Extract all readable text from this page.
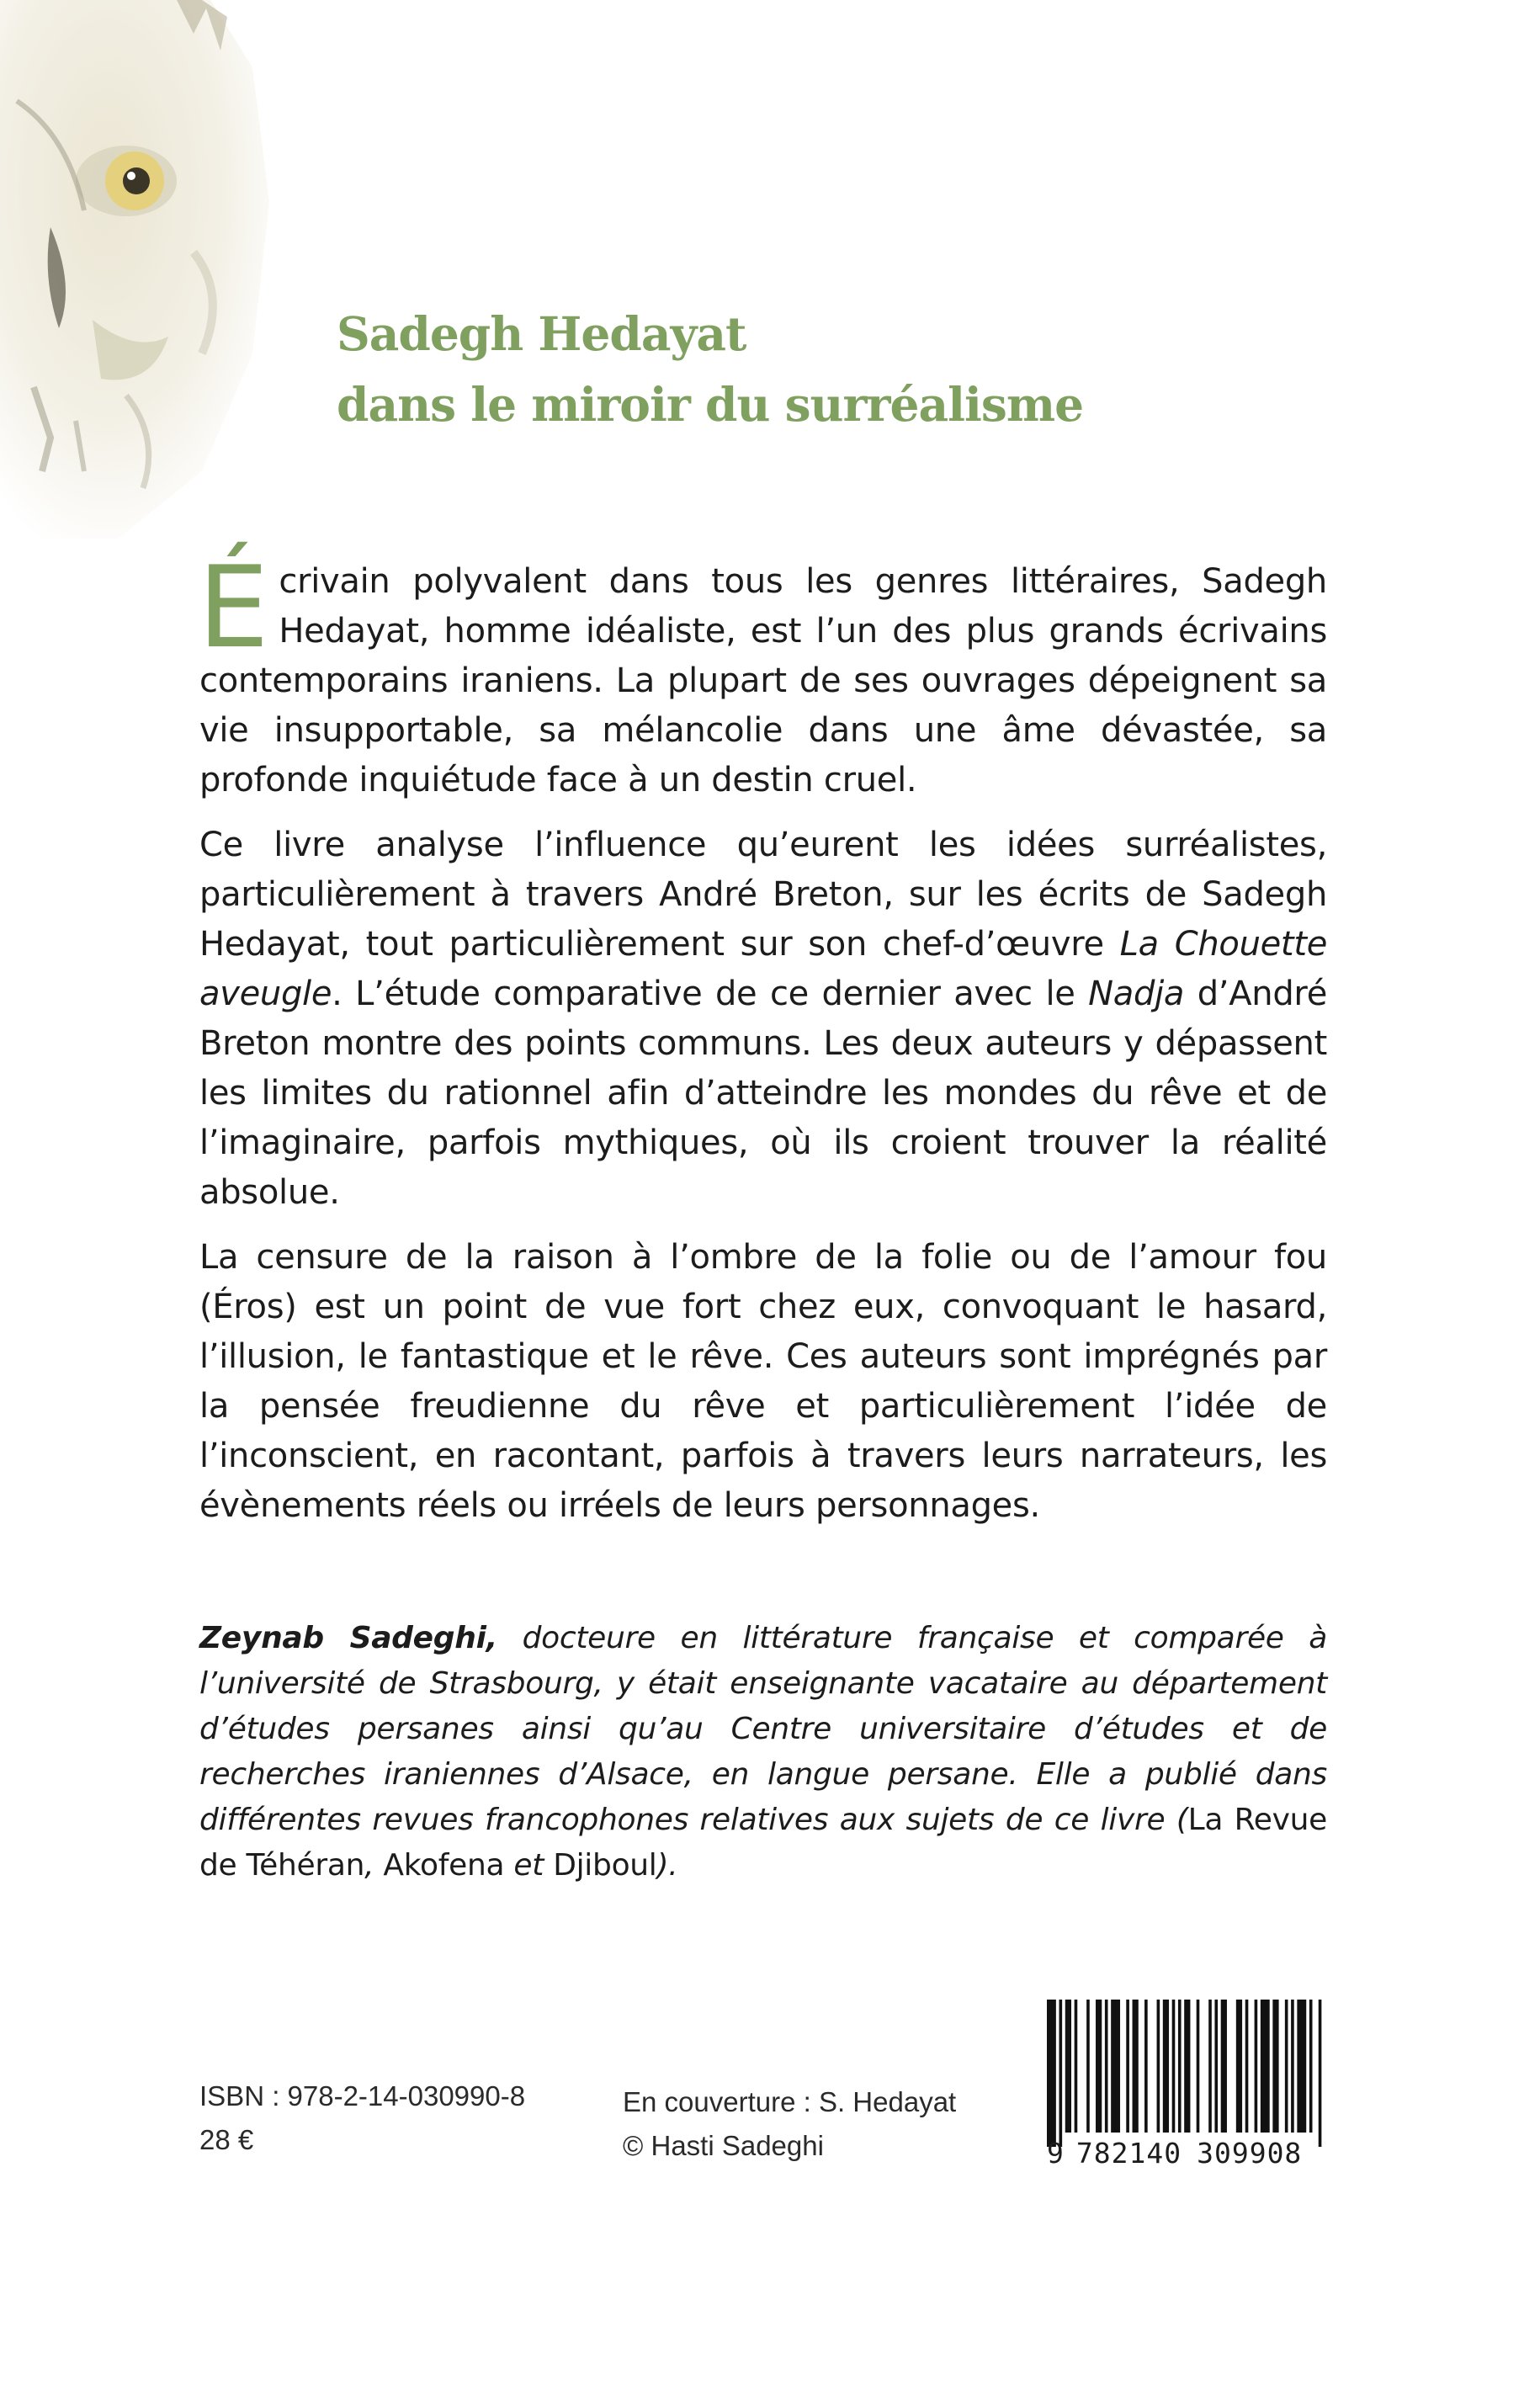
Sadegh Hedayat
dans le miroir du surréalisme

Écrivain polyvalent dans tous les genres littéraires, Sadegh Hedayat, homme idéaliste, est l’un des plus grands écrivains contemporains iraniens. La plupart de ses ouvrages dépeignent sa vie insupportable, sa mélancolie dans une âme dévastée, sa profonde inquiétude face à un destin cruel.

Ce livre analyse l’influence qu’eurent les idées surréalistes, particulièrement à travers André Breton, sur les écrits de Sadegh Hedayat, tout particulièrement sur son chef-d’œuvre La Chouette aveugle. L’étude comparative de ce dernier avec le Nadja d’André Breton montre des points communs. Les deux auteurs y dépassent les limites du rationnel afin d’atteindre les mondes du rêve et de l’imaginaire, parfois mythiques, où ils croient trouver la réalité absolue.

La censure de la raison à l’ombre de la folie ou de l’amour fou (Éros) est un point de vue fort chez eux, convoquant le hasard, l’illusion, le fantastique et le rêve. Ces auteurs sont imprégnés par la pensée freudienne du rêve et particulièrement l’idée de l’inconscient, en racontant, parfois à travers leurs narrateurs, les évènements réels ou irréels de leurs personnages.

Zeynab Sadeghi, docteure en littérature française et comparée à l’université de Strasbourg, y était enseignante vacataire au département d’études persanes ainsi qu’au Centre universitaire d’études et de recherches iraniennes d’Alsace, en langue persane. Elle a publié dans différentes revues francophones relatives aux sujets de ce livre (La Revue de Téhéran, Akofena et Djiboul).
ISBN : 978-2-14-030990-8
28 €
En couverture : S. Hedayat
© Hasti Sadeghi	9 782140 309908
